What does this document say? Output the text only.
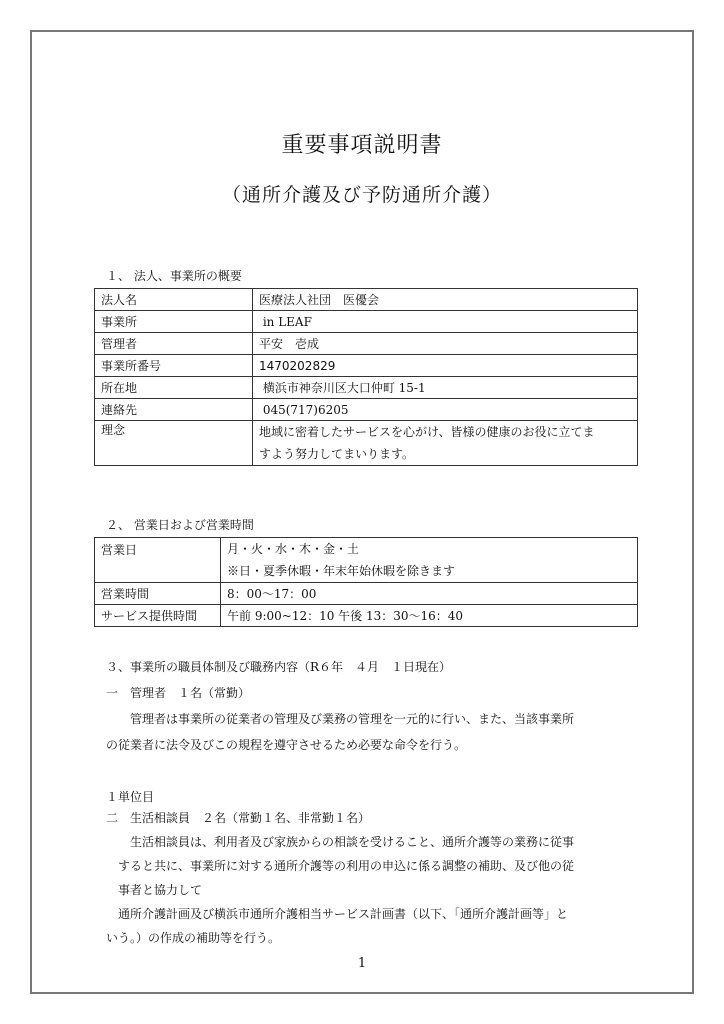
重要事項説明書
（通所介護及び予防通所介護）
１、 法人、事業所の概要
法人名	医療法人社団　医優会
事業所	in LEAF
管理者	平安　壱成
事業所番号	1470202829
所在地	横浜市神奈川区大口仲町 15-1
連絡先	045(717)6205
理念	地域に密着したサービスを心がけ、皆様の健康のお役に立てま
すよう努力してまいります。
２、 営業日および営業時間
営業日	月・火・水・木・金・土
※日・夏季休暇・年末年始休暇を除きます

営業時間	8：00～17：00
サービス提供時間	午前 9:00~12：10 午後 13：30～16：40
３、事業所の職員体制及び職務内容（R６年　４月　１日現在）
一　管理者　１名（常勤）
管理者は事業所の従業者の管理及び業務の管理を一元的に行い、また、当該事業所
の従業者に法令及びこの規程を遵守させるため必要な命令を行う。
１単位目
二　生活相談員　２名（常勤１名、非常勤１名）
生活相談員は、利用者及び家族からの相談を受けること、通所介護等の業務に従事
すると共に、事業所に対する通所介護等の利用の申込に係る調整の補助、及び他の従
事者と協力して
通所介護計画及び横浜市通所介護相当サービス計画書（以下、「通所介護計画等」と
いう。）の作成の補助等を行う。
1
